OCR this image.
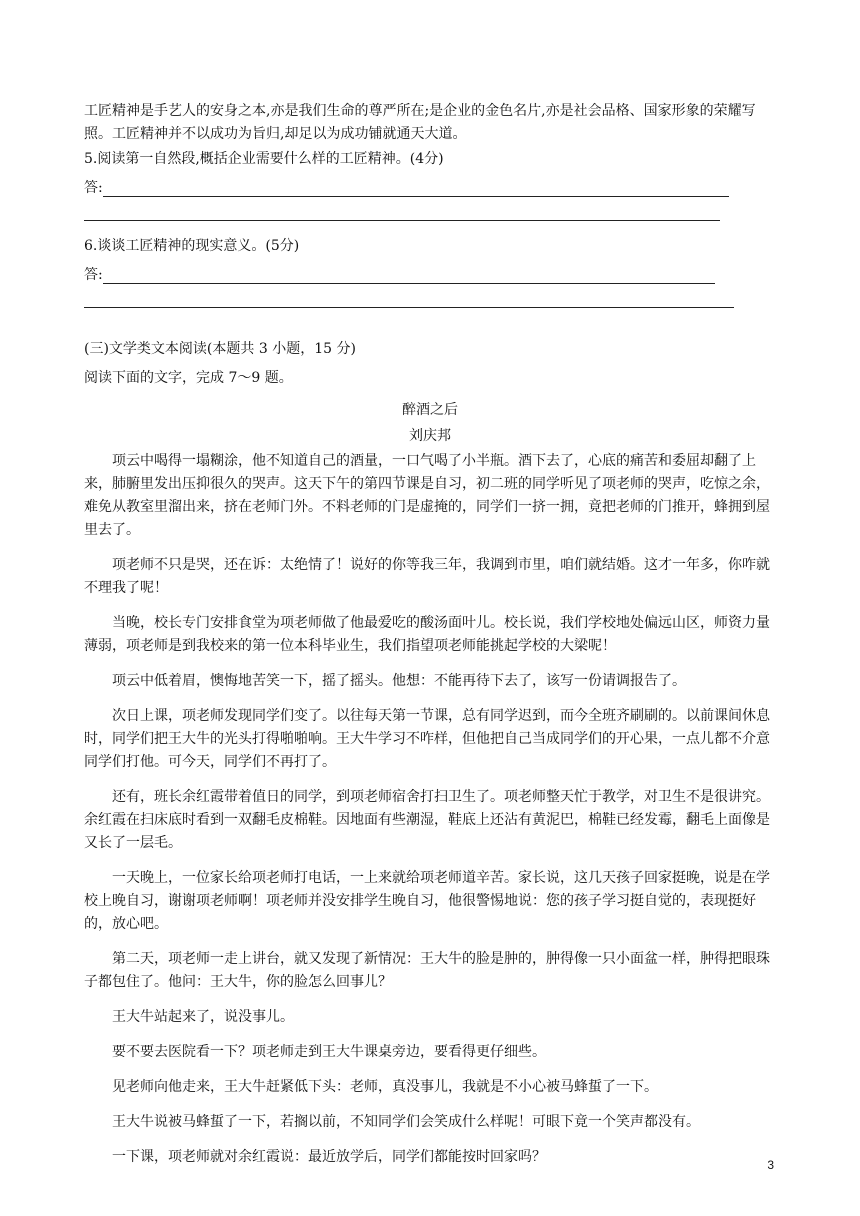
工匠精神是手艺人的安身之本,亦是我们生命的尊严所在;是企业的金色名片,亦是社会品格、国家形象的荣耀写照。工匠精神并不以成功为旨归,却足以为成功铺就通天大道。

5.阅读第一自然段,概括企业需要什么样的工匠精神。(4分)

答:

6.谈谈工匠精神的现实意义。(5分)

答:

(三)文学类文本阅读(本题共 3 小题，15 分)

阅读下面的文字，完成 7～9 题。

醉酒之后

刘庆邦

项云中喝得一塌糊涂，他不知道自己的酒量，一口气喝了小半瓶。酒下去了，心底的痛苦和委屈却翻了上来，肺腑里发出压抑很久的哭声。这天下午的第四节课是自习，初二班的同学听见了项老师的哭声，吃惊之余，难免从教室里溜出来，挤在老师门外。不料老师的门是虚掩的，同学们一挤一拥，竟把老师的门推开，蜂拥到屋里去了。

项老师不只是哭，还在诉：太绝情了！说好的你等我三年，我调到市里，咱们就结婚。这才一年多，你咋就不理我了呢！

当晚，校长专门安排食堂为项老师做了他最爱吃的酸汤面叶儿。校长说，我们学校地处偏远山区，师资力量薄弱，项老师是到我校来的第一位本科毕业生，我们指望项老师能挑起学校的大梁呢！

项云中低着眉，懊悔地苦笑一下，摇了摇头。他想：不能再待下去了，该写一份请调报告了。

次日上课，项老师发现同学们变了。以往每天第一节课，总有同学迟到，而今全班齐刷刷的。以前课间休息时，同学们把王大牛的光头打得啪啪响。王大牛学习不咋样，但他把自己当成同学们的开心果，一点儿都不介意同学们打他。可今天，同学们不再打了。

还有，班长余红霞带着值日的同学，到项老师宿舍打扫卫生了。项老师整天忙于教学，对卫生不是很讲究。余红霞在扫床底时看到一双翻毛皮棉鞋。因地面有些潮湿，鞋底上还沾有黄泥巴，棉鞋已经发霉，翻毛上面像是又长了一层毛。

一天晚上，一位家长给项老师打电话，一上来就给项老师道辛苦。家长说，这几天孩子回家挺晚，说是在学校上晚自习，谢谢项老师啊！项老师并没安排学生晚自习，他很警惕地说：您的孩子学习挺自觉的，表现挺好的，放心吧。

第二天，项老师一走上讲台，就又发现了新情况：王大牛的脸是肿的，肿得像一只小面盆一样，肿得把眼珠子都包住了。他问：王大牛，你的脸怎么回事儿？

王大牛站起来了，说没事儿。

要不要去医院看一下？项老师走到王大牛课桌旁边，要看得更仔细些。

见老师向他走来，王大牛赶紧低下头：老师，真没事儿，我就是不小心被马蜂蜇了一下。

王大牛说被马蜂蜇了一下，若搁以前，不知同学们会笑成什么样呢！可眼下竟一个笑声都没有。

一下课，项老师就对余红霞说：最近放学后，同学们都能按时回家吗？	3
